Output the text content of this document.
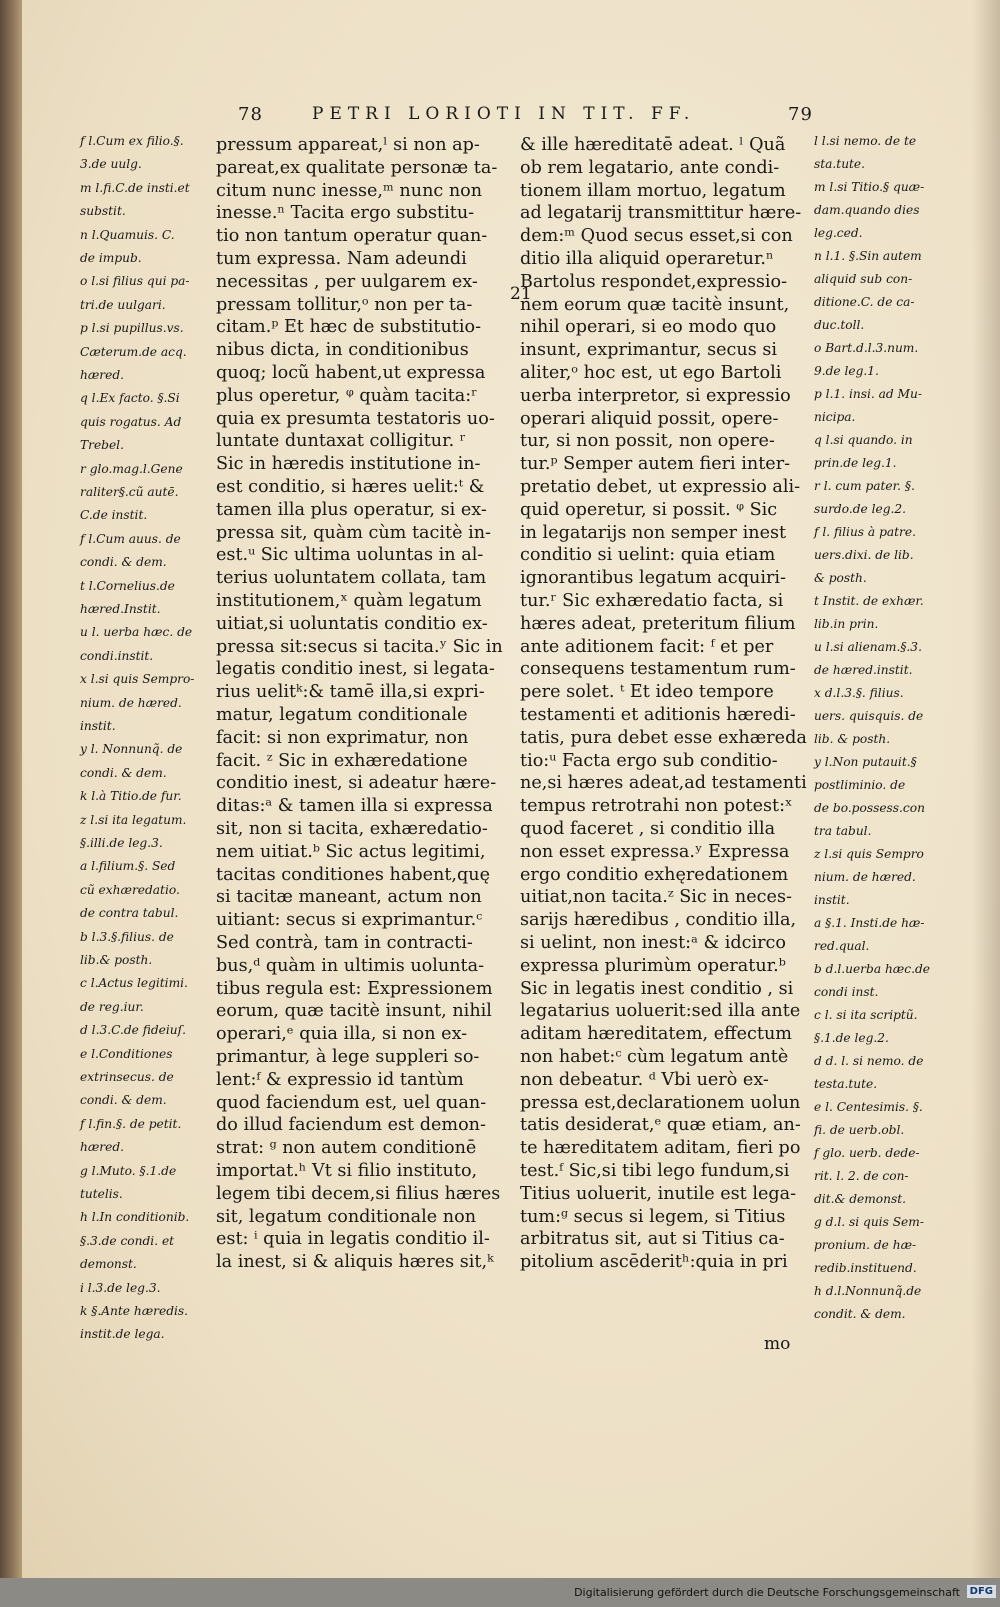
78	PETRI LORIOTI IN TIT. FF.	79
f l.Cum ex filio.§.
3.de uulg.
m l.fi.C.de insti.et
substit.
n l.Quamuis. C.
de impub.
o l.si filius qui pa-
tri.de uulgari.
p l.si pupillus.vs.
Cæterum.de acq.
hæred.
q l.Ex facto. §.Si
quis rogatus. Ad
Trebel.
r glo.mag.l.Gene
raliter§.cũ autē.
C.de instit.
f l.Cum auus. de
condi. & dem.
t l.Cornelius.de
hæred.Instit.
u l. uerba hæc. de
condi.instit.
x l.si quis Sempro-
nium. de hæred.
instit.
y l. Nonnunq̃. de
condi. & dem.
k l.à Titio.de fur.
z l.si ita legatum.
§.illi.de leg.3.
a l.filium.§. Sed
cũ exhæredatio.
de contra tabul.
b l.3.§.filius. de
lib.& posth.
c l.Actus legitimi.
de reg.iur.
d l.3.C.de fideiuſ.
e l.Conditiones
extrinsecus. de
condi. & dem.
f l.fin.§. de petit.
hæred.
g l.Muto. §.1.de
tutelis.
h l.In conditionib.
§.3.de condi. et
demonst.
i l.3.de leg.3.
k §.Ante hæredis.
instit.de lega.
pressum appareat,ˡ si non ap-
pareat,ex qualitate personæ ta-
citum nunc inesse,ᵐ nunc non
inesse.ⁿ Tacita ergo substitu-
tio non tantum operatur quan-
tum expressa. Nam adeundi
necessitas , per uulgarem ex-
pressam tollitur,ᵒ non per ta-
citam.ᵖ Et hæc de substitutio-
nibus dicta, in conditionibus
quoq; locũ habent,ut expressa
plus operetur, ᵠ quàm tacita:ʳ
quia ex presumta testatoris uo-
luntate duntaxat colligitur. ʳ
Sic in hæredis institutione in-
est conditio, si hæres uelit:ᵗ &
tamen illa plus operatur, si ex-
pressa sit, quàm cùm tacitè in-
est.ᵘ Sic ultima uoluntas in al-
terius uoluntatem collata, tam
institutionem,ˣ quàm legatum
uitiat,si uoluntatis conditio ex-
pressa sit:secus si tacita.ʸ Sic in
legatis conditio inest, si legata-
rius uelitᵏ:& tamē illa,si expri-
matur, legatum conditionale
facit: si non exprimatur, non
facit. ᶻ Sic in exhæredatione
conditio inest, si adeatur hære-
ditas:ᵃ & tamen illa si expressa
sit, non si tacita, exhæredatio-
nem uitiat.ᵇ Sic actus legitimi,
tacitas conditiones habent,quę
si tacitæ maneant, actum non
uitiant: secus si exprimantur.ᶜ
Sed contrà, tam in contracti-
bus,ᵈ quàm in ultimis uolunta-
tibus regula est: Expressionem
eorum, quæ tacitè insunt, nihil
operari,ᵉ quia illa, si non ex-
primantur, à lege suppleri so-
lent:ᶠ & expressio id tantùm
quod faciendum est, uel quan-
do illud faciendum est demon-
strat: ᵍ non autem conditionē
importat.ʰ Vt si filio instituto,
legem tibi decem,si filius hæres
sit, legatum conditionale non
est: ⁱ quia in legatis conditio il-
la inest, si & aliquis hæres sit,ᵏ
21
& ille hæreditatē adeat. ˡ Quã
ob rem legatario, ante condi-
tionem illam mortuo, legatum
ad legatarij transmittitur hære-
dem:ᵐ Quod secus esset,si con
ditio illa aliquid operaretur.ⁿ
Bartolus respondet,expressio-
nem eorum quæ tacitè insunt,
nihil operari, si eo modo quo
insunt, exprimantur, secus si
aliter,ᵒ hoc est, ut ego Bartoli
uerba interpretor, si expressio
operari aliquid possit, opere-
tur, si non possit, non opere-
tur.ᵖ Semper autem fieri inter-
pretatio debet, ut expressio ali-
quid operetur, si possit. ᵠ Sic
in legatarijs non semper inest
conditio si uelint: quia etiam
ignorantibus legatum acquiri-
tur.ʳ Sic exhæredatio facta, si
hæres adeat, preteritum filium
ante aditionem facit: ᶠ et per
consequens testamentum rum-
pere solet. ᵗ Et ideo tempore
testamenti et aditionis hæredi-
tatis, pura debet esse exhæreda
tio:ᵘ Facta ergo sub conditio-
ne,si hæres adeat,ad testamenti
tempus retrotrahi non potest:ˣ
quod faceret , si conditio illa
non esset expressa.ʸ Expressa
ergo conditio exhęredationem
uitiat,non tacita.ᶻ Sic in neces-
sarijs hæredibus , conditio illa,
si uelint, non inest:ᵃ & idcirco
expressa plurimùm operatur.ᵇ
Sic in legatis inest conditio , si
legatarius uoluerit:sed illa ante
aditam hæreditatem, effectum
non habet:ᶜ cùm legatum antè
non debeatur. ᵈ Vbi uerò ex-
pressa est,declarationem uolun
tatis desiderat,ᵉ quæ etiam, an-
te hæreditatem aditam, fieri po
test.ᶠ Sic,si tibi lego fundum,si
Titius uoluerit, inutile est lega-
tum:ᵍ secus si legem, si Titius
arbitratus sit, aut si Titius ca-
pitolium ascēderitʰ:quia in pri
l l.si nemo. de te
sta.tute.
m l.si Titio.§ quæ-
dam.quando dies
leg.ced.
n l.1. §.Sin autem
aliquid sub con-
ditione.C. de ca-
duc.toll.
o Bart.d.l.3.num.
9.de leg.1.
p l.1. insi. ad Mu-
nicipa.
q l.si quando. in
prin.de leg.1.
r l. cum pater. §.
surdo.de leg.2.
f l. filius à patre.
uers.dixi. de lib.
& posth.
t Instit. de exhær.
lib.in prin.
u l.si alienam.§.3.
de hæred.instit.
x d.l.3.§. filius.
uers. quisquis. de
lib. & posth.
y l.Non putauit.§
postliminio. de
de bo.possess.con
tra tabul.
z l.si quis Sempro
nium. de hæred.
instit.
a §.1. Insti.de hæ-
red.qual.
b d.l.uerba hæc.de
condi inst.
c l. si ita scriptũ.
§.1.de leg.2.
d d. l. si nemo. de
testa.tute.
e l. Centesimis. §.
fi. de uerb.obl.
f glo. uerb. dede-
rit. l. 2. de con-
dit.& demonst.
g d.l. si quis Sem-
pronium. de hæ-
redib.instituend.
h d.l.Nonnunq̃.de
condit. & dem.
mo
Digitalisierung gefördert durch die Deutsche Forschungsgemeinschaft DFG
